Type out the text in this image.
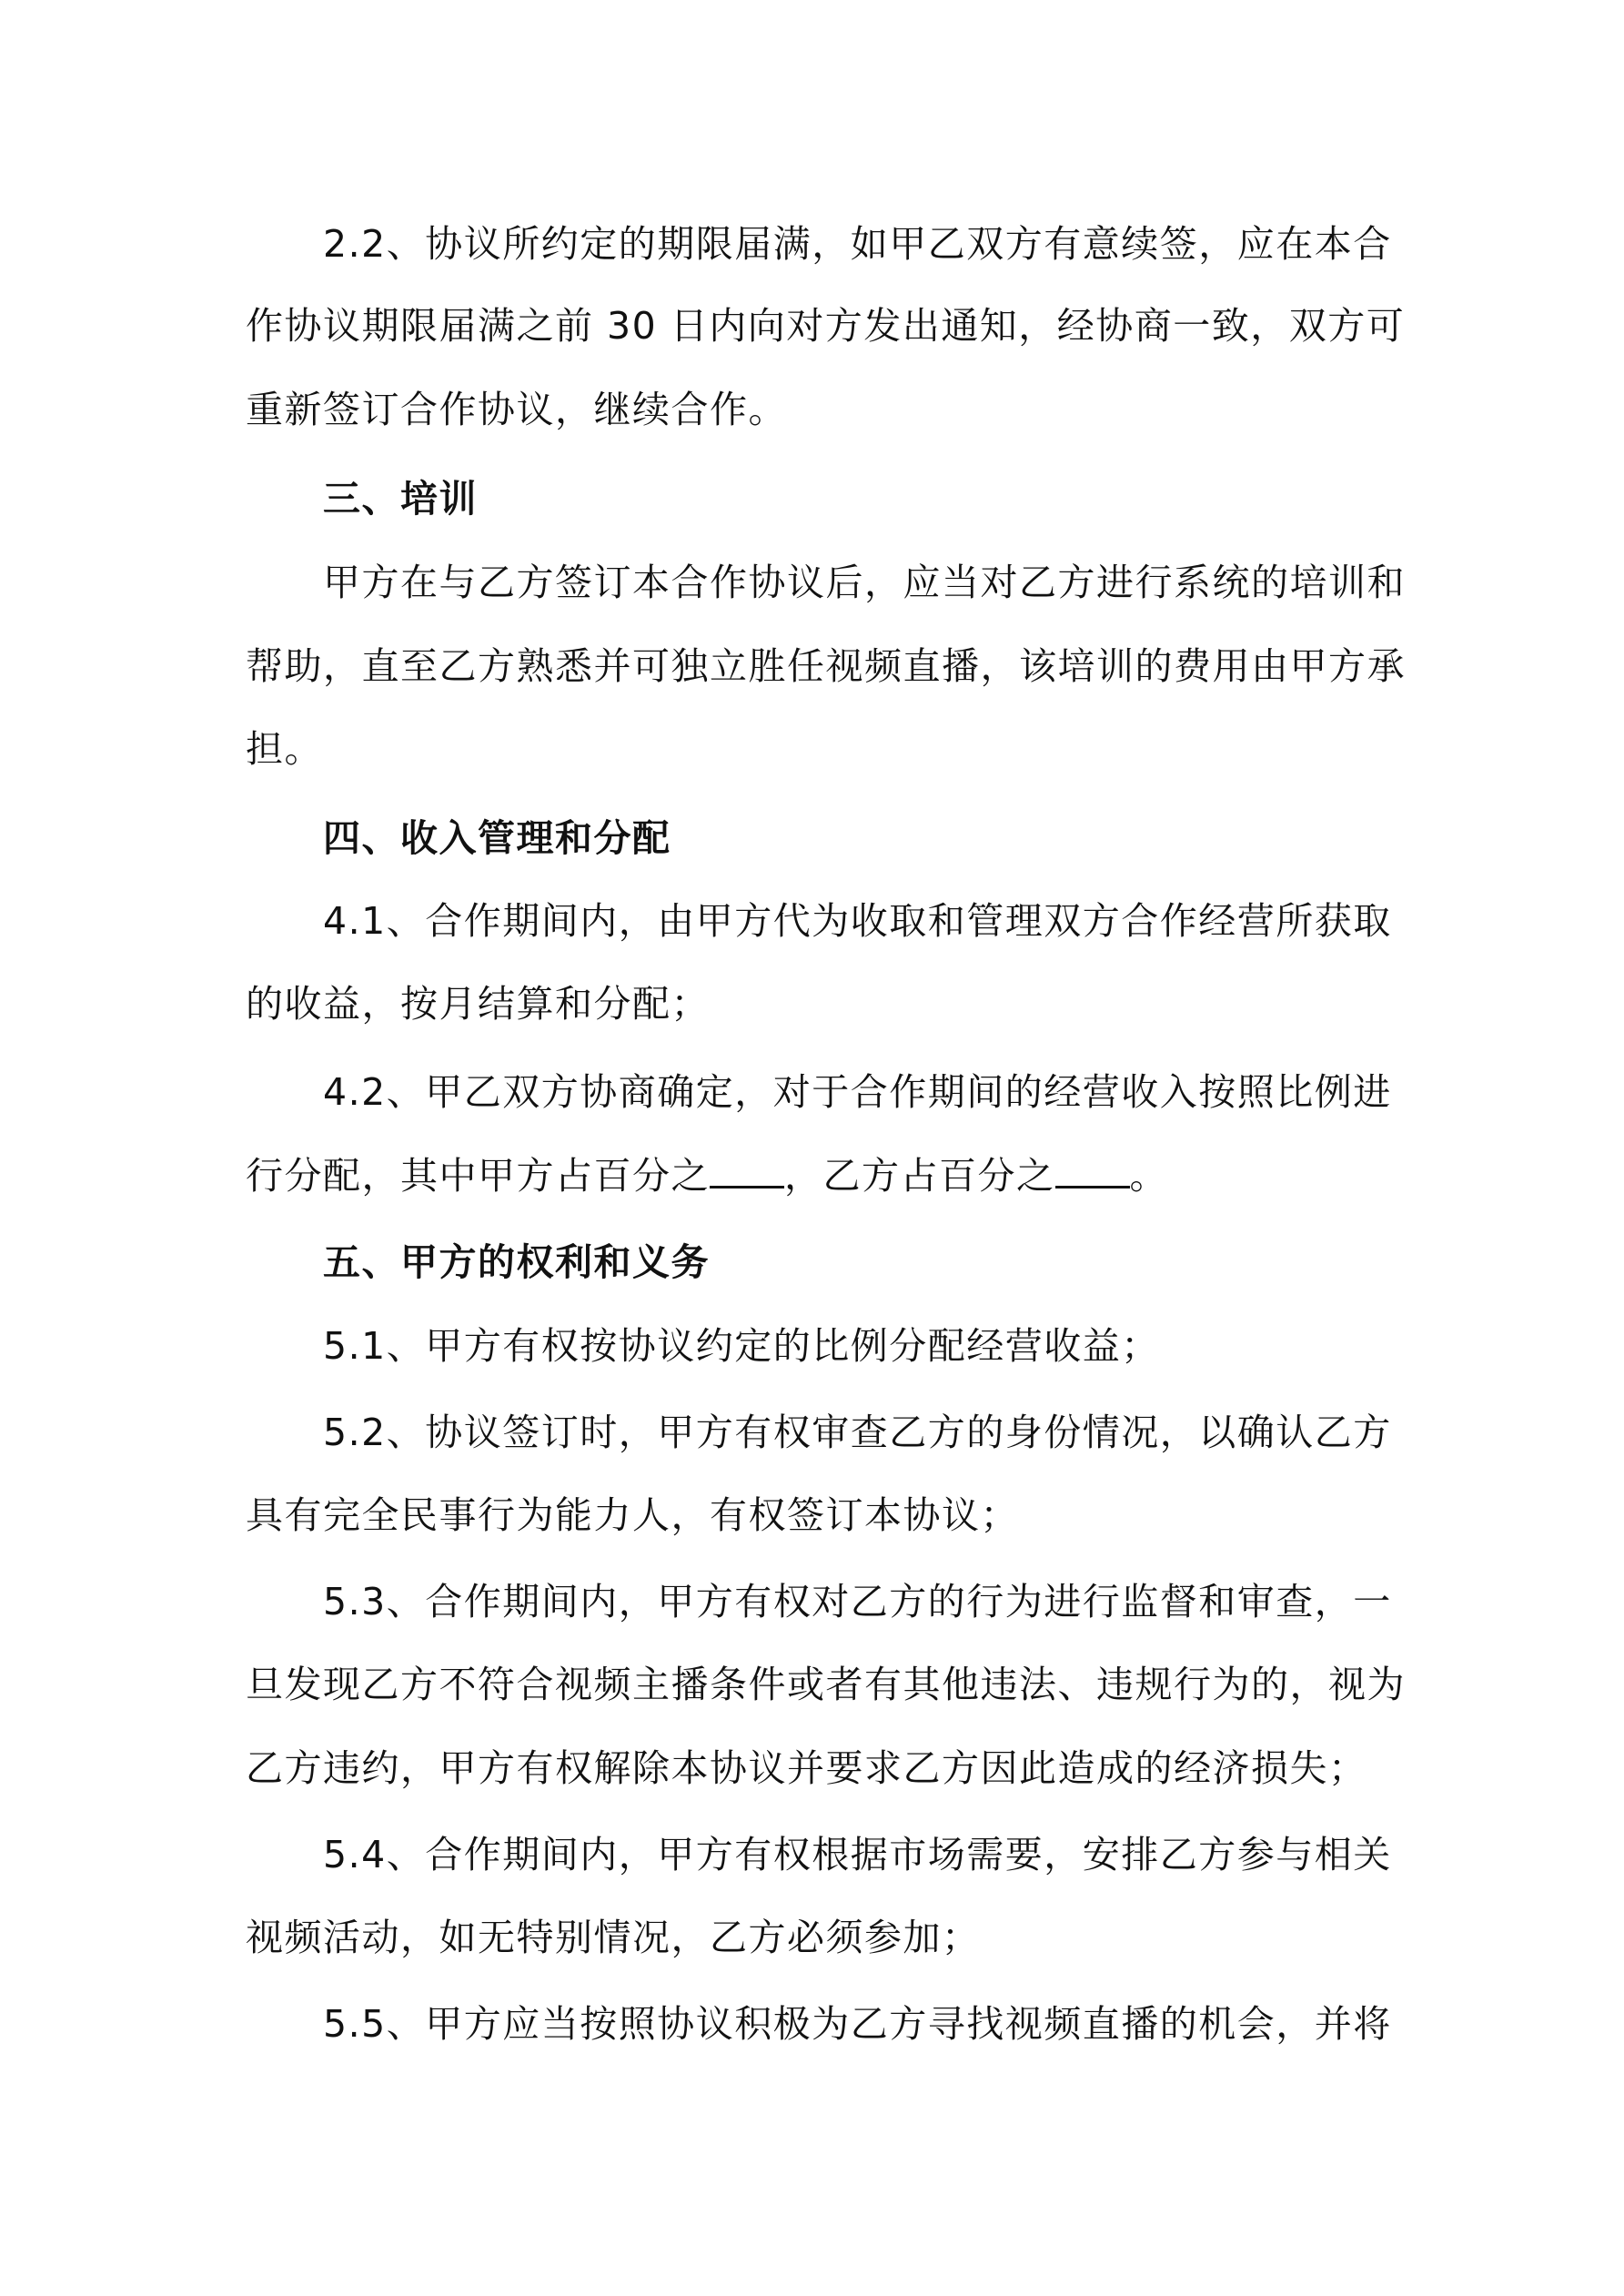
2.2、协议所约定的期限届满，如甲乙双方有意续签，应在本合
作协议期限届满之前 30 日内向对方发出通知，经协商一致，双方可
重新签订合作协议，继续合作。
三、培训
甲方在与乙方签订本合作协议后，应当对乙方进行系统的培训和
帮助，直至乙方熟悉并可独立胜任视频直播，该培训的费用由甲方承
担。
四、收入管理和分配
4.1、合作期间内，由甲方代为收取和管理双方合作经营所获取
的收益，按月结算和分配；
4.2、甲乙双方协商确定，对于合作期间的经营收入按照比例进
行分配，其中甲方占百分之 ，乙方占百分之 。
五、甲方的权利和义务
5.1、甲方有权按协议约定的比例分配经营收益；
5.2、协议签订时，甲方有权审查乙方的身份情况，以确认乙方
具有完全民事行为能力人，有权签订本协议；
5.3、合作期间内，甲方有权对乙方的行为进行监督和审查，一
旦发现乙方不符合视频主播条件或者有其他违法、违规行为的，视为
乙方违约，甲方有权解除本协议并要求乙方因此造成的经济损失；
5.4、合作期间内，甲方有权根据市场需要，安排乙方参与相关
视频活动，如无特别情况，乙方必须参加；
5.5、甲方应当按照协议积极为乙方寻找视频直播的机会，并将
